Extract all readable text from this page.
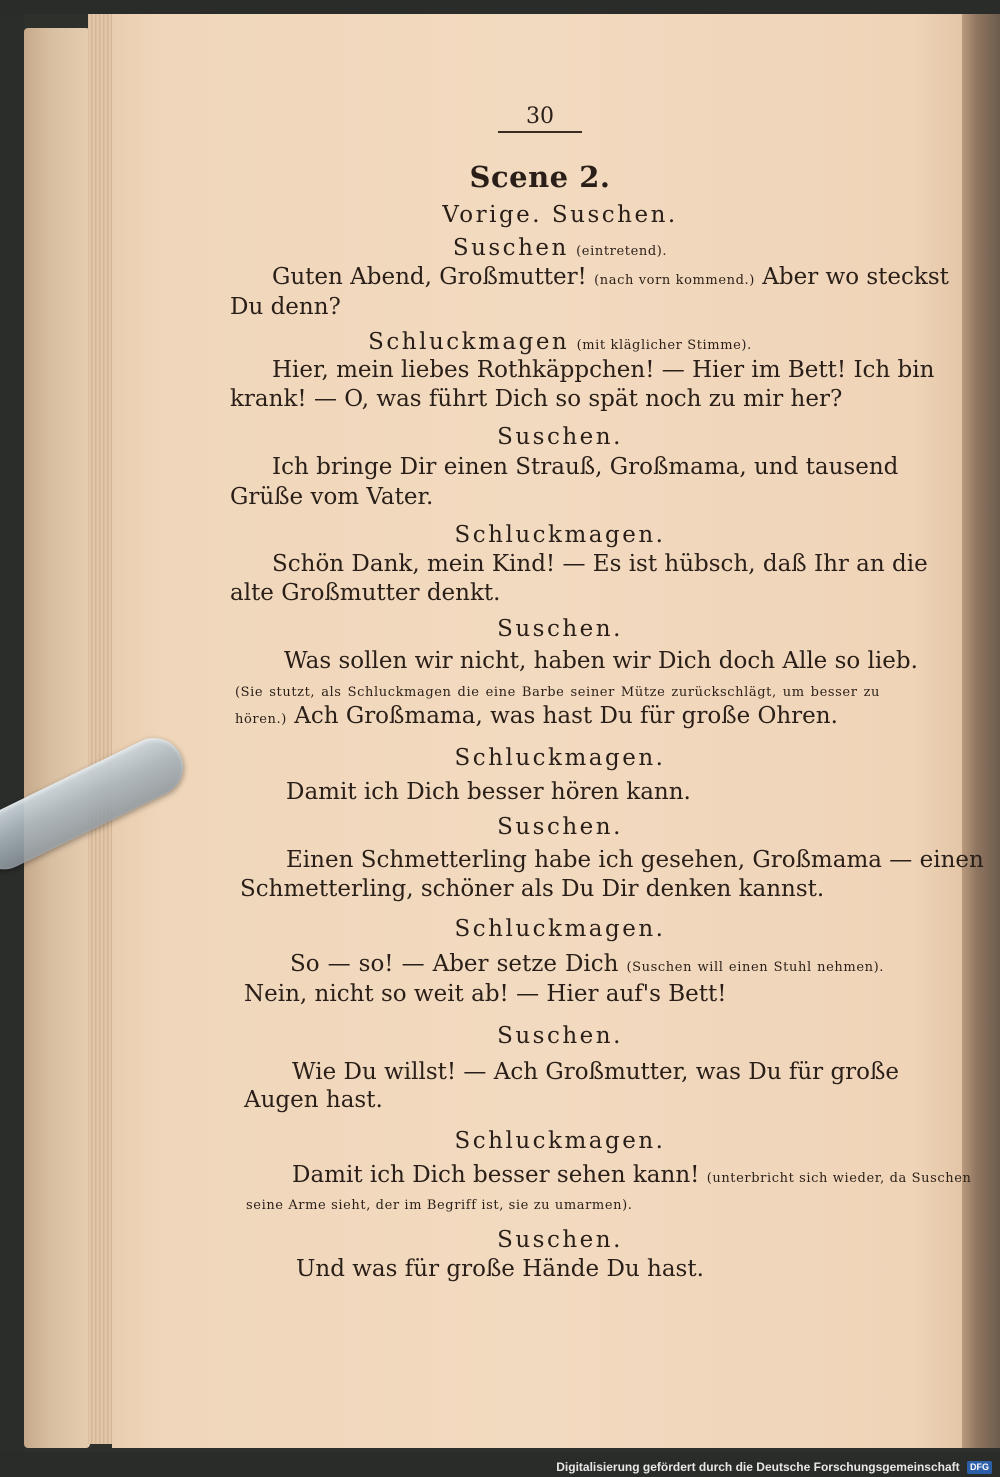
30
Scene 2.
Vorige. Suschen.
Suschen (eintretend).
Guten Abend, Großmutter! (nach vorn kommend.) Aber wo steckst
Du denn?
Schluckmagen (mit kläglicher Stimme).
Hier, mein liebes Rothkäppchen! — Hier im Bett! Ich bin
krank! — O, was führt Dich so spät noch zu mir her?
Suschen.
Ich bringe Dir einen Strauß, Großmama, und tausend
Grüße vom Vater.
Schluckmagen.
Schön Dank, mein Kind! — Es ist hübsch, daß Ihr an die
alte Großmutter denkt.
Suschen.
Was sollen wir nicht, haben wir Dich doch Alle so lieb.
(Sie stutzt, als Schluckmagen die eine Barbe seiner Mütze zurückschlägt, um besser zu
hören.) Ach Großmama, was hast Du für große Ohren.
Schluckmagen.
Damit ich Dich besser hören kann.
Suschen.
Einen Schmetterling habe ich gesehen, Großmama — einen
Schmetterling, schöner als Du Dir denken kannst.
Schluckmagen.
So — so! — Aber setze Dich (Suschen will einen Stuhl nehmen).
Nein, nicht so weit ab! — Hier auf's Bett!
Suschen.
Wie Du willst! — Ach Großmutter, was Du für große
Augen hast.
Schluckmagen.
Damit ich Dich besser sehen kann! (unterbricht sich wieder, da Suschen
seine Arme sieht, der im Begriff ist, sie zu umarmen).
Suschen.
Und was für große Hände Du hast.
Digitalisierung gefördert durch die Deutsche Forschungsgemeinschaft DFG
